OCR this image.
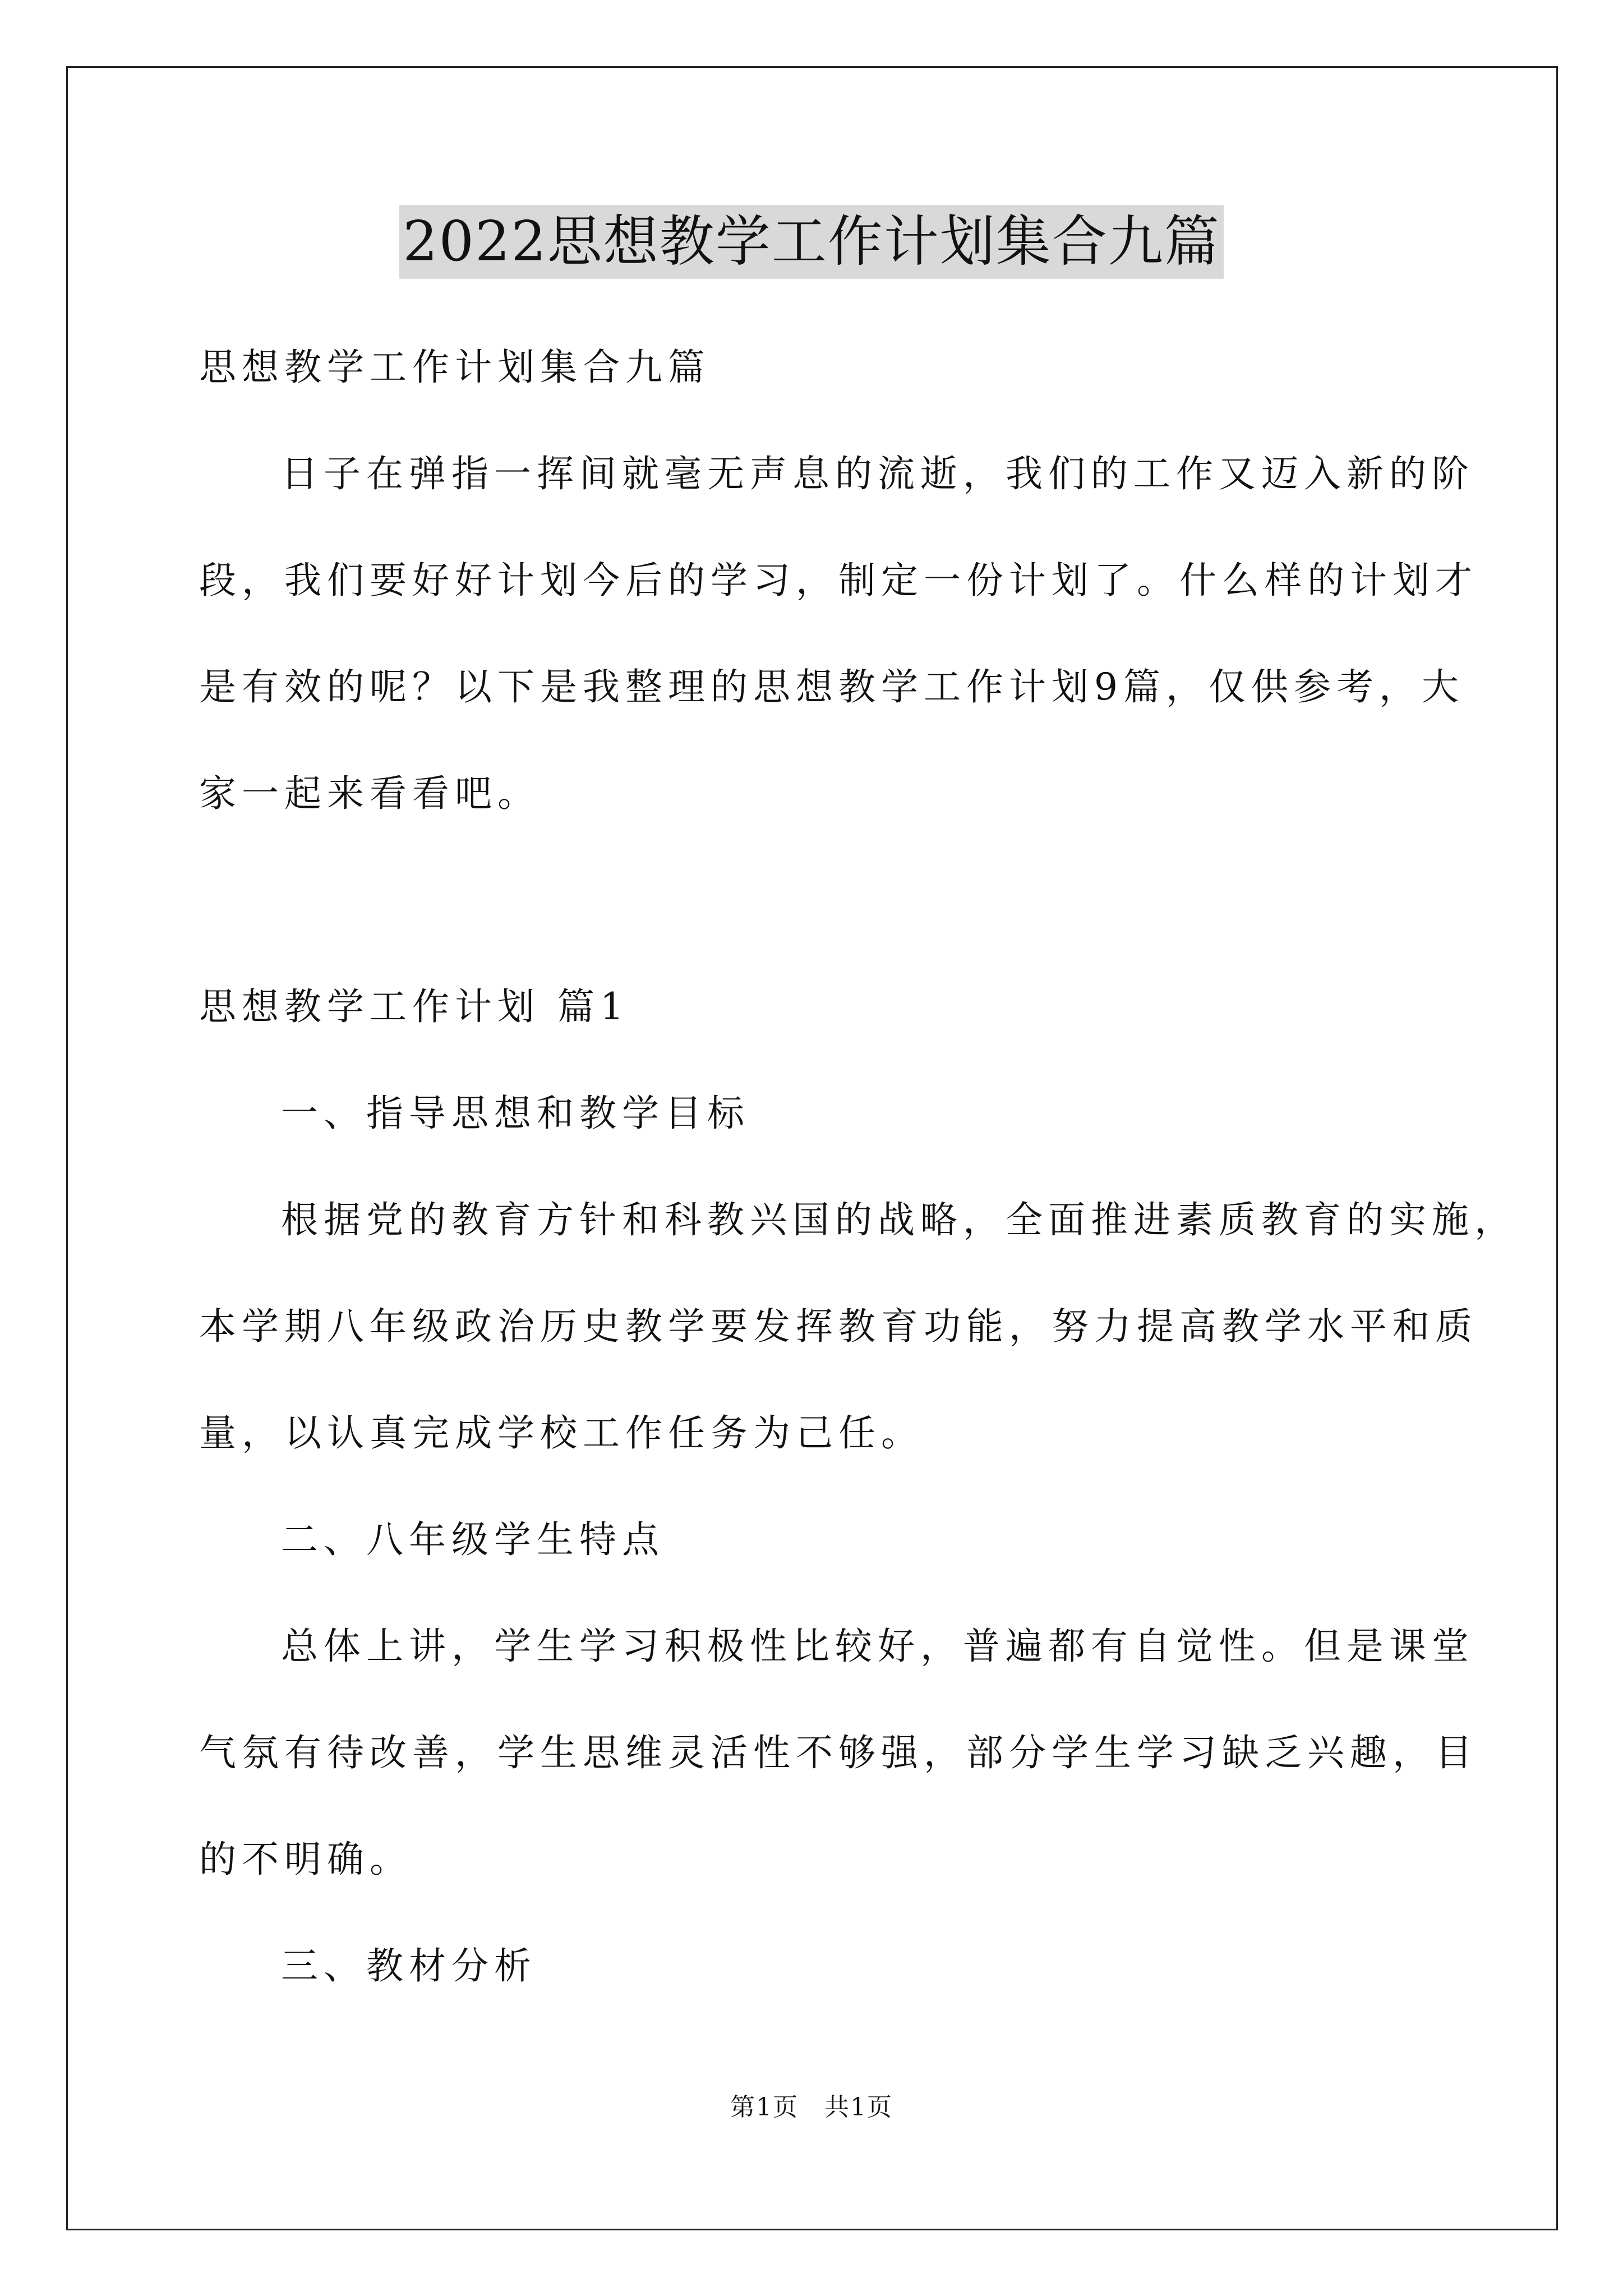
2022思想教学工作计划集合九篇
思想教学工作计划集合九篇
日子在弹指一挥间就毫无声息的流逝，我们的工作又迈入新的阶
段，我们要好好计划今后的学习，制定一份计划了。什么样的计划才
是有效的呢？以下是我整理的思想教学工作计划9篇，仅供参考，大
家一起来看看吧。
思想教学工作计划 篇1
一、指导思想和教学目标
根据党的教育方针和科教兴国的战略，全面推进素质教育的实施，
本学期八年级政治历史教学要发挥教育功能，努力提高教学水平和质
量，以认真完成学校工作任务为己任。
二、八年级学生特点
总体上讲，学生学习积极性比较好，普遍都有自觉性。但是课堂
气氛有待改善，学生思维灵活性不够强，部分学生学习缺乏兴趣，目
的不明确。
三、教材分析
第1页　共1页
